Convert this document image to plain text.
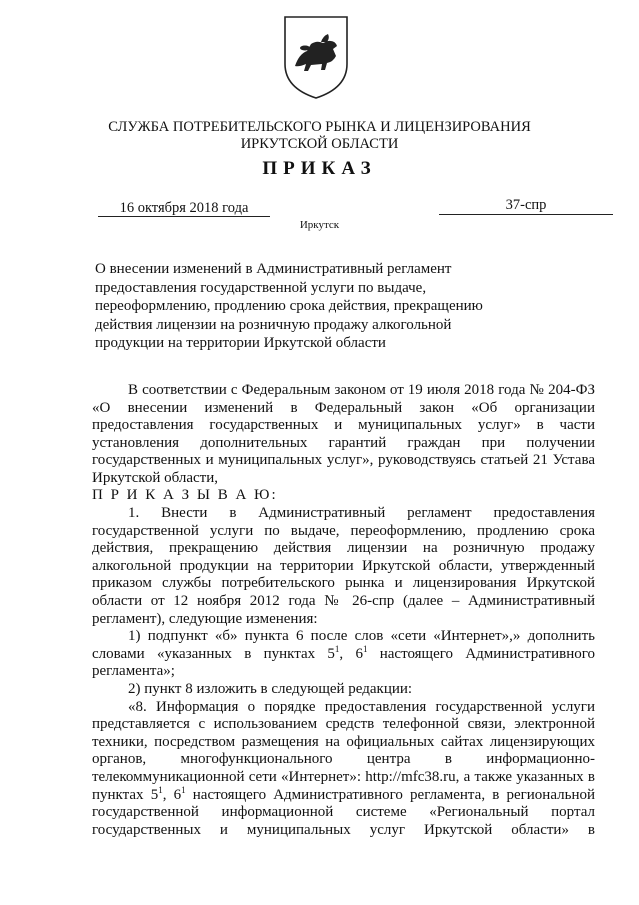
СЛУЖБА ПОТРЕБИТЕЛЬСКОГО РЫНКА И ЛИЦЕНЗИРОВАНИЯ
ИРКУТСКОЙ ОБЛАСТИ
ПРИКАЗ
16 октября 2018 года	37-спр
Иркутск
О внесении изменений в Административный регламент
предоставления государственной услуги по выдаче,
переоформлению, продлению срока действия, прекращению
действия лицензии на розничную продажу алкогольной
продукции на территории Иркутской области

В соответствии с Федеральным законом от 19 июля 2018 года № 204-ФЗ «О внесении изменений в Федеральный закон «Об организации предоставления государственных и муниципальных услуг» в части установления дополнительных гарантий граждан при получении государственных и муниципальных услуг», руководствуясь статьей 21 Устава Иркутской области,

П Р И К А З Ы В А Ю:

1. Внести в Административный регламент предоставления государственной услуги по выдаче, переоформлению, продлению срока действия, прекращению действия лицензии на розничную продажу алкогольной продукции на территории Иркутской области, утвержденный приказом службы потребительского рынка и лицензирования Иркутской области от 12 ноября 2012 года № 26-спр (далее – Административный регламент), следующие изменения:

1) подпункт «б» пункта 6 после слов «сети «Интернет»,» дополнить словами «указанных в пунктах $5^1$, $6^1$ настоящего Административного регламента»;

2) пункт 8 изложить в следующей редакции:

«8. Информация о порядке предоставления государственной услуги представляется с использованием средств телефонной связи, электронной техники, посредством размещения на официальных сайтах лицензирующих органов, многофункционального центра в информационно-телекоммуникационной сети «Интернет»: http://mfc38.ru, а также указанных в пунктах $5^1$, $6^1$ настоящего Административного регламента, в региональной государственной информационной системе «Региональный портал государственных и муниципальных услуг Иркутской области» в
